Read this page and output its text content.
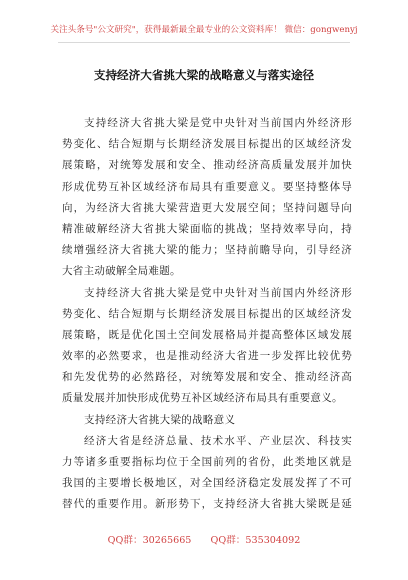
关注头条号"公文研究"，获得最新最全最专业的公文资料库！ 微信：gongwenyj
支持经济大省挑大梁的战略意义与落实途径
支持经济大省挑大梁是党中央针对当前国内外经济形
势变化、结合短期与长期经济发展目标提出的区域经济发
展策略，对统筹发展和安全、推动经济高质量发展并加快
形成优势互补区域经济布局具有重要意义。要坚持整体导
向，为经济大省挑大梁营造更大发展空间；坚持问题导向
精准破解经济大省挑大梁面临的挑战；坚持效率导向，持
续增强经济大省挑大梁的能力；坚持前瞻导向，引导经济
大省主动破解全局难题。
支持经济大省挑大梁是党中央针对当前国内外经济形
势变化、结合短期与长期经济发展目标提出的区域经济发
展策略，既是优化国土空间发展格局并提高整体区域发展
效率的必然要求，也是推动经济大省进一步发挥比较优势
和先发优势的必然路径，对统筹发展和安全、推动经济高
质量发展并加快形成优势互补区域经济布局具有重要意义。
支持经济大省挑大梁的战略意义
经济大省是经济总量、技术水平、产业层次、科技实
力等诸多重要指标均位于全国前列的省份，此类地区就是
我国的主要增长极地区，对全国经济稳定发展发挥了不可
替代的重要作用。新形势下，支持经济大省挑大梁既是延
QQ群：30265665 QQ群：535304092
